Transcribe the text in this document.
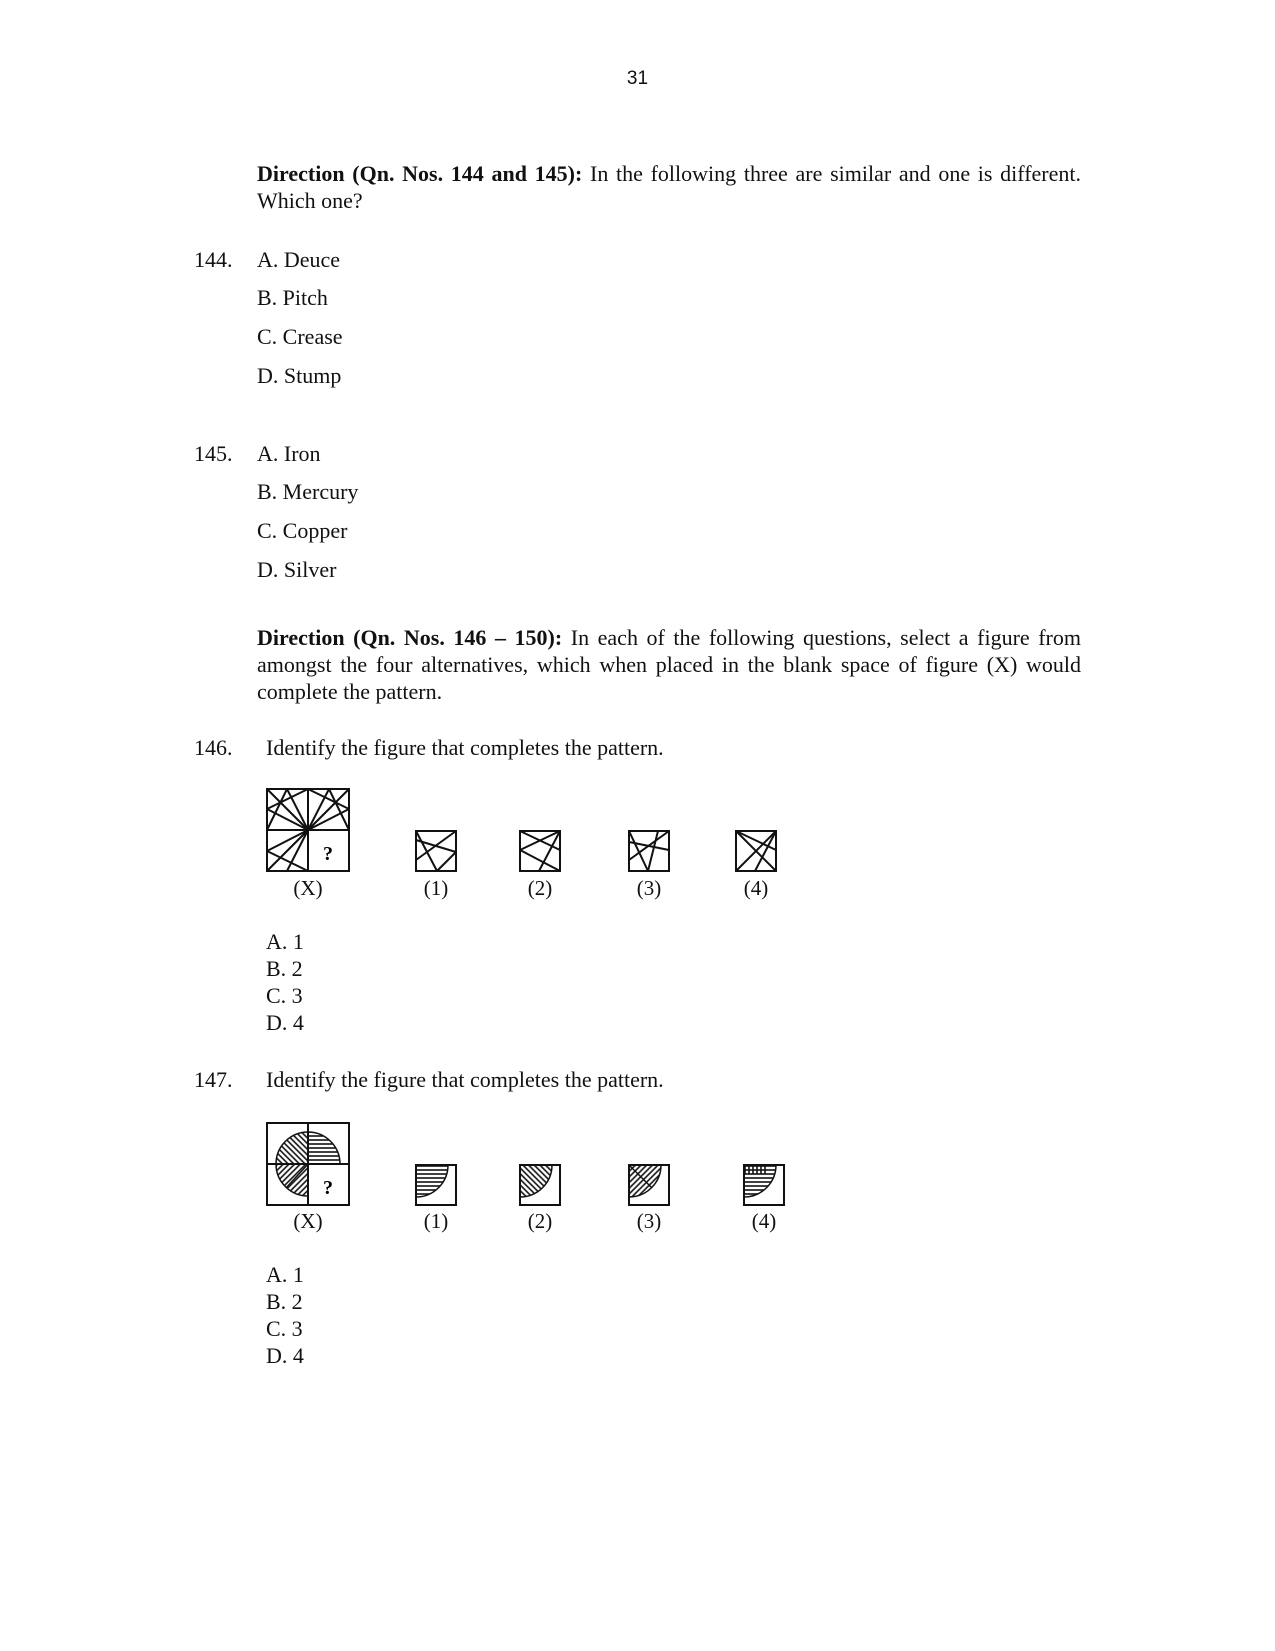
31

Direction (Qn. Nos. 144 and 145): In the following three are similar and one is different. Which one?

144. A. Deuce
B. Pitch
C. Crease
D. Stump
145. A. Iron
B. Mercury
C. Copper
D. Silver

Direction (Qn. Nos. 146 – 150): In each of the following questions, select a figure from amongst the four alternatives, which when placed in the blank space of figure (X) would complete the pattern.

146. Identify the figure that completes the pattern.
?
(X)	(1)	(2)	(3)	(4)
A. 1
B. 2
C. 3
D. 4
147. Identify the figure that completes the pattern.
?
(X)	(1)	(2)	(3)	(4)
A. 1
B. 2
C. 3
D. 4
